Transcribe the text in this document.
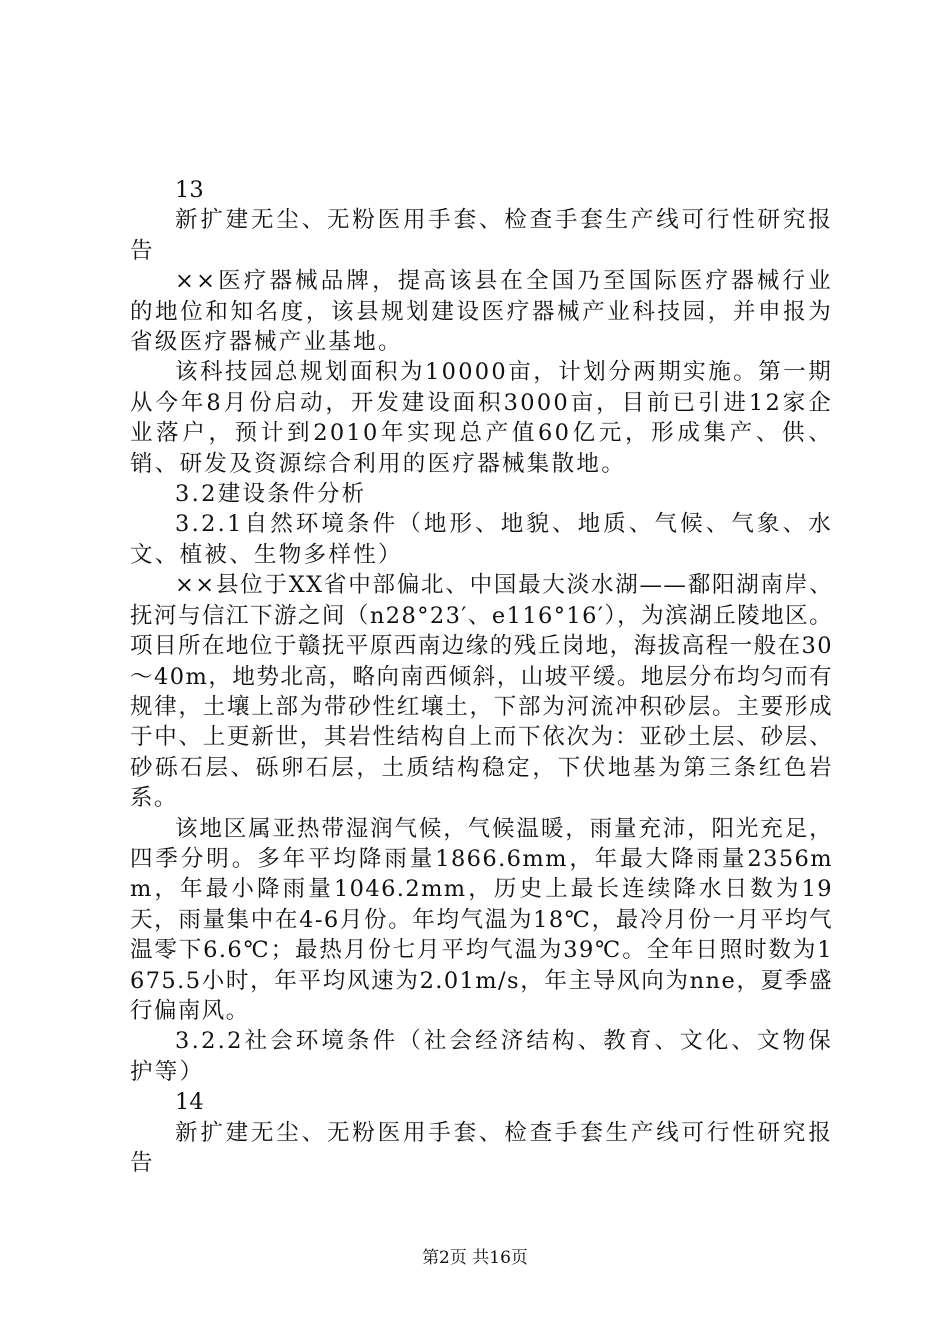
13

新扩建无尘、无粉医用手套、检查手套生产线可行性研究报告

××医疗器械品牌，提高该县在全国乃至国际医疗器械行业的地位和知名度，该县规划建设医疗器械产业科技园，并申报为省级医疗器械产业基地。

该科技园总规划面积为10000亩，计划分两期实施。第一期从今年8月份启动，开发建设面积3000亩，目前已引进12家企业落户，预计到2010年实现总产值60亿元，形成集产、供、销、研发及资源综合利用的医疗器械集散地。

3.2建设条件分析

3.2.1自然环境条件（地形、地貌、地质、气候、气象、水文、植被、生物多样性）

××县位于XX省中部偏北、中国最大淡水湖——鄱阳湖南岸、抚河与信江下游之间（n28°23′、e116°16′），为滨湖丘陵地区。项目所在地位于赣抚平原西南边缘的残丘岗地，海拔高程一般在30～40m，地势北高，略向南西倾斜，山坡平缓。地层分布均匀而有规律，土壤上部为带砂性红壤土，下部为河流冲积砂层。主要形成于中、上更新世，其岩性结构自上而下依次为：亚砂土层、砂层、砂砾石层、砾卵石层，土质结构稳定，下伏地基为第三条红色岩系。

该地区属亚热带湿润气候，气候温暖，雨量充沛，阳光充足，四季分明。多年平均降雨量1866.6mm，年最大降雨量2356mm，年最小降雨量1046.2mm，历史上最长连续降水日数为19天，雨量集中在4-6月份。年均气温为18℃，最冷月份一月平均气温零下6.6℃；最热月份七月平均气温为39℃。全年日照时数为1675.5小时，年平均风速为2.01m/s，年主导风向为nne，夏季盛行偏南风。

3.2.2社会环境条件（社会经济结构、教育、文化、文物保护等）

14

新扩建无尘、无粉医用手套、检查手套生产线可行性研究报告

第2页 共16页
